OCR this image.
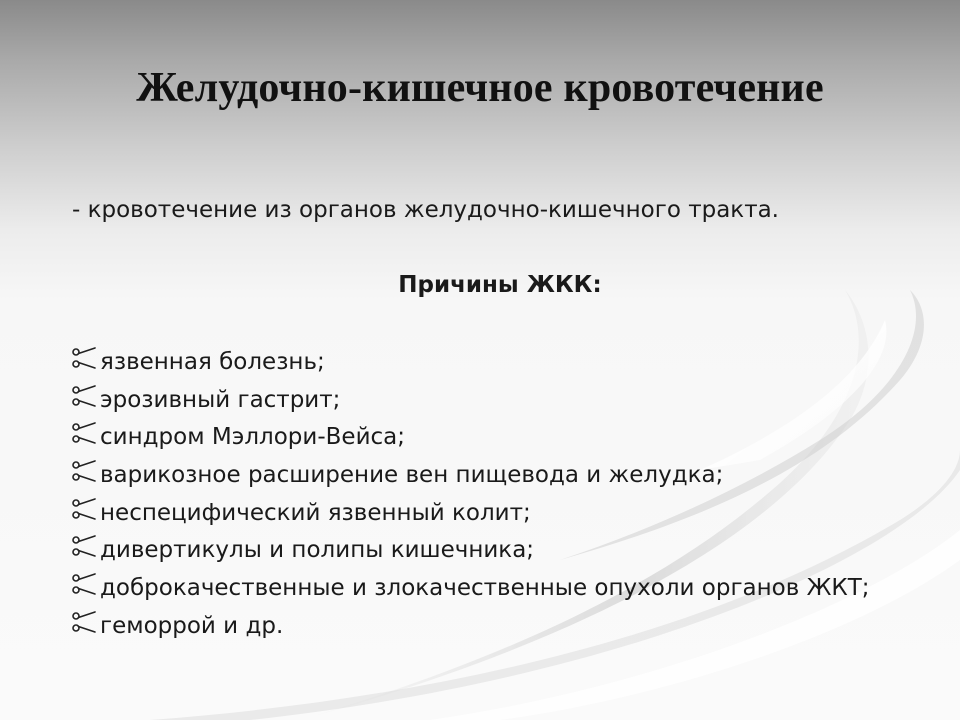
Желудочно-кишечное кровотечение

- кровотечение из органов желудочно-кишечного тракта.

Причины ЖКК:

язвенная болезнь;
эрозивный гастрит;
синдром Мэллори-Вейса;
варикозное расширение вен пищевода и желудка;
неспецифический язвенный колит;
дивертикулы и полипы кишечника;
доброкачественные и злокачественные опухоли органов ЖКТ;
геморрой и др.
